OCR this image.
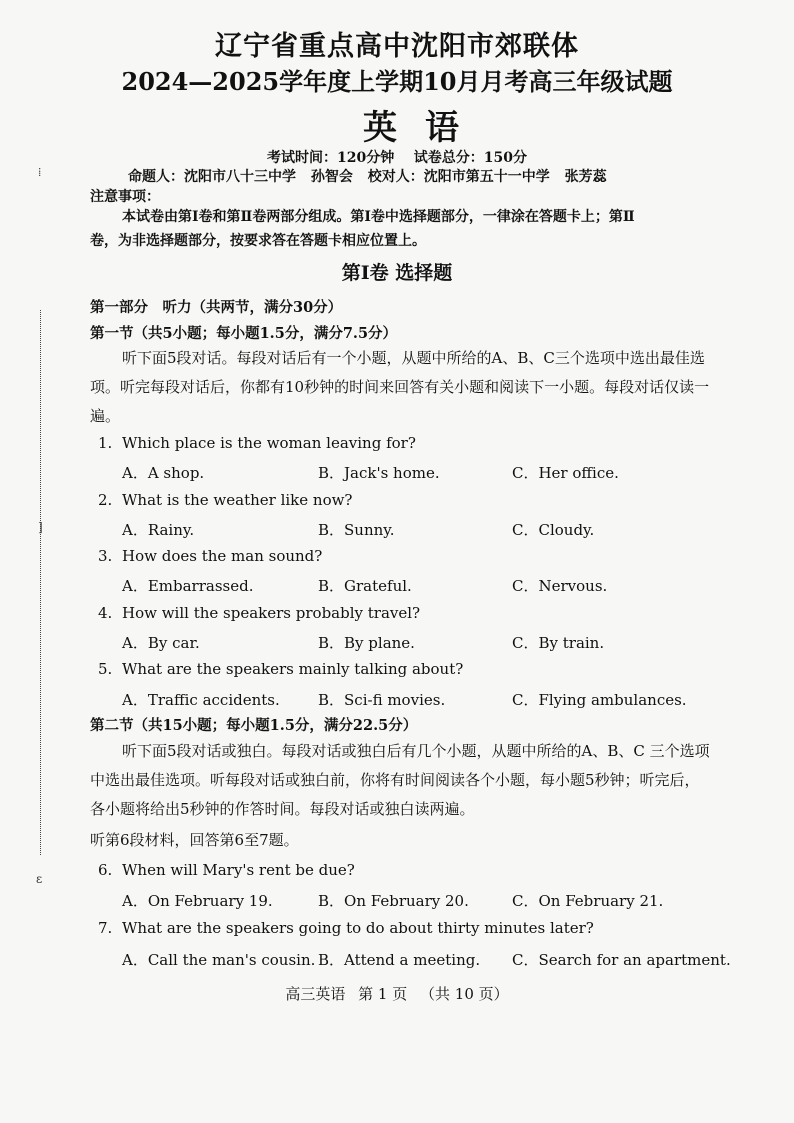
⁞
]
ɛ
辽宁省重点高中沈阳市郊联体
2024—2025学年度上学期10月月考高三年级试题
英语
考试时间：120分钟 试卷总分：150分
命题人：沈阳市八十三中学 孙智会 校对人：沈阳市第五十一中学 张芳蕊
注意事项：
本试卷由第Ⅰ卷和第Ⅱ卷两部分组成。第Ⅰ卷中选择题部分，一律涂在答题卡上；第Ⅱ
卷，为非选择题部分，按要求答在答题卡相应位置上。
第Ⅰ卷 选择题
第一部分　听力（共两节，满分30分）
第一节（共5小题；每小题1.5分，满分7.5分）
听下面5段对话。每段对话后有一个小题，从题中所给的A、B、C三个选项中选出最佳选项。听完每段对话后，你都有10秒钟的时间来回答有关小题和阅读下一小题。每段对话仅读一遍。
1. Which place is the woman leaving for?
A．A shop.	B．Jack's home.	C．Her office.
2. What is the weather like now?
A．Rainy.	B．Sunny.	C．Cloudy.
3. How does the man sound?
A．Embarrassed.	B．Grateful.	C．Nervous.
4. How will the speakers probably travel?
A．By car.	B．By plane.	C．By train.
5. What are the speakers mainly talking about?
A．Traffic accidents.	B．Sci-fi movies.	C．Flying ambulances.
第二节（共15小题；每小题1.5分，满分22.5分）
听下面5段对话或独白。每段对话或独白后有几个小题，从题中所给的A、B、C 三个选项中选出最佳选项。听每段对话或独白前，你将有时间阅读各个小题，每小题5秒钟；听完后，各小题将给出5秒钟的作答时间。每段对话或独白读两遍。
听第6段材料，回答第6至7题。
6. When will Mary's rent be due?
A．On February 19.	B．On February 20.	C．On February 21.
7. What are the speakers going to do about thirty minutes later?
A．Call the man's cousin. B．Attend a meeting. C．Search for an apartment.
高三英语 第 1 页 （共 10 页）
